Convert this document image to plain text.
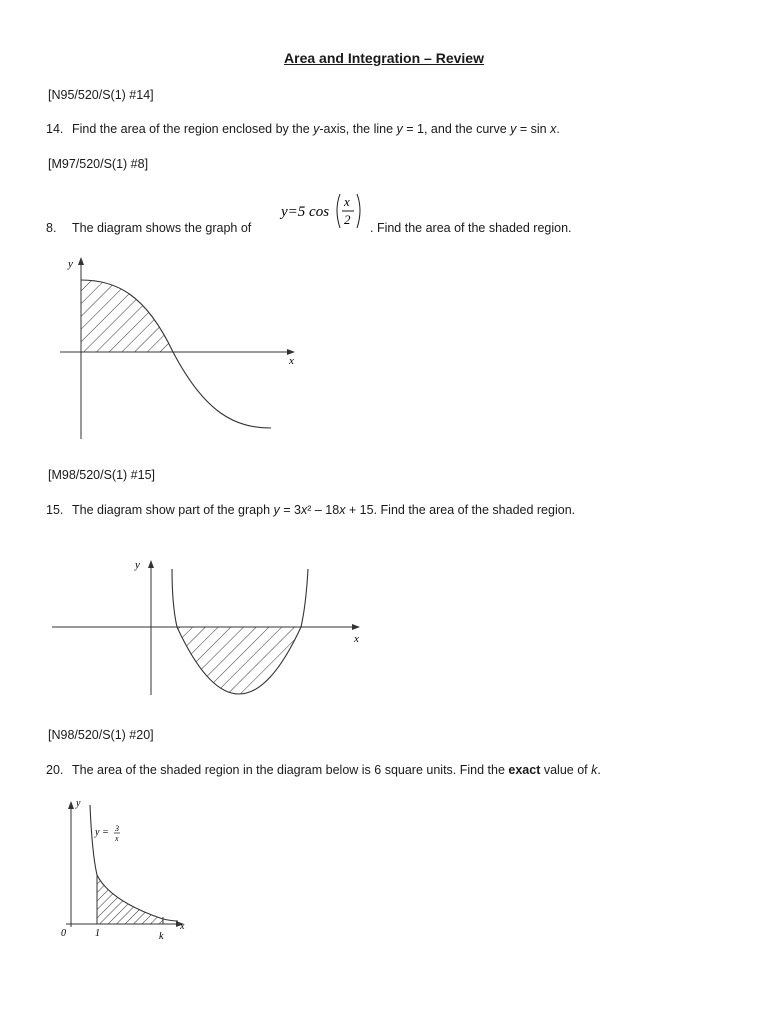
Area and Integration – Review
[N95/520/S(1) #14]
14. Find the area of the region enclosed by the y-axis, the line y = 1, and the curve y = sin x.
[M97/520/S(1) #8]
8. The diagram shows the graph of
y=5 cos
x
2
. Find the area of the shaded region.
y
x
[M98/520/S(1) #15]
15. The diagram show part of the graph y = 3x² – 18x + 15. Find the area of the shaded region.
y
x
[N98/520/S(1) #20]
20. The area of the shaded region in the diagram below is 6 square units. Find the exact value of k.
y
x
y = 3
x
0	1	k
